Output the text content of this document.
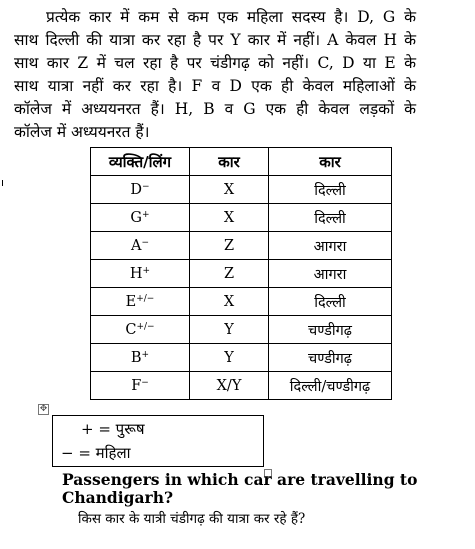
प्रत्येक कार में कम से कम एक महिला सदस्य है। D, G के
साथ दिल्ली की यात्रा कर रहा है पर Y कार में नहीं। A केवल H के
साथ कार Z में चल रहा है पर चंडीगढ़ को नहीं। C, D या E के
साथ यात्रा नहीं कर रहा है। F व D एक ही केवल महिलाओं के
कॉलेज में अध्ययनरत हैं। H, B व G एक ही केवल लड़कों के
कॉलेज में अध्ययनरत हैं।
व्यक्ति/लिंग	कार	कार
D−	X	दिल्ली
G+	X	दिल्ली
A−	Z	आगरा
H+	Z	आगरा
E+/−	X	दिल्ली
C+/−	Y	चण्डीगढ़
B+	Y	चण्डीगढ़
F−	X/Y	दिल्ली/चण्डीगढ़
✥
+ = पुरूष
− = महिला
Passengers in which car are travelling to
Chandigarh?
किस कार के यात्री चंडीगढ़ की यात्रा कर रहे हैं?
